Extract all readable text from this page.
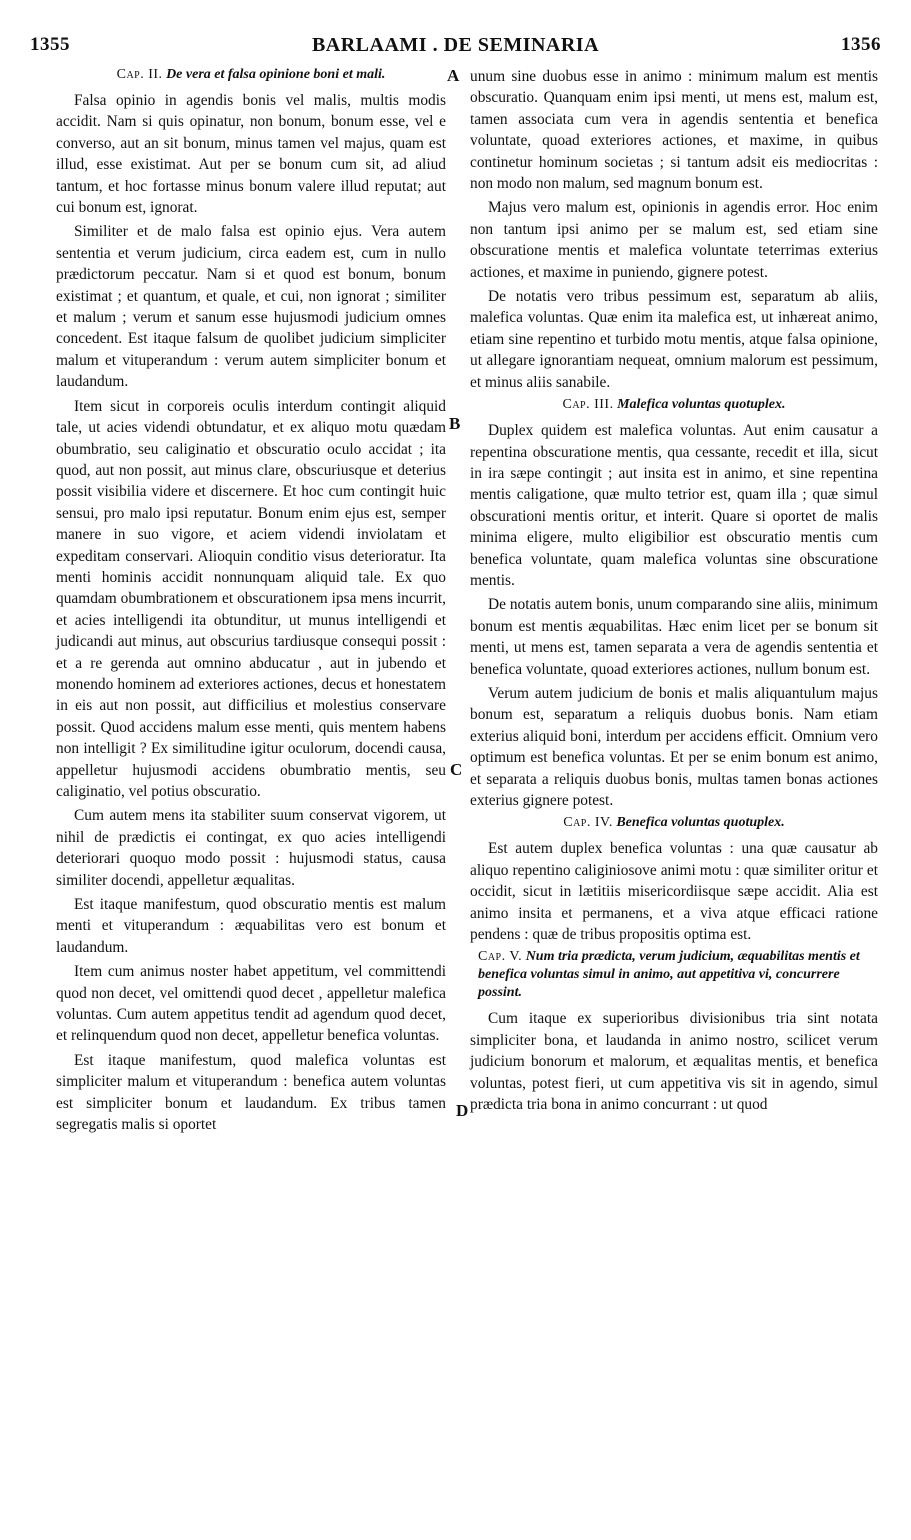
1355	BARLAAMI . DE SEMINARIA	1356
A
B
C
D
Cap. II. De vera et falsa opinione boni et mali.

Falsa opinio in agendis bonis vel malis, multis modis accidit. Nam si quis opinatur, non bonum, bonum esse, vel e converso, aut an sit bonum, minus tamen vel majus, quam est illud, esse existimat. Aut per se bonum cum sit, ad aliud tantum, et hoc fortasse minus bonum valere illud reputat; aut cui bonum est, ignorat.

Similiter et de malo falsa est opinio ejus. Vera autem sententia et verum judicium, circa eadem est, cum in nullo prædictorum peccatur. Nam si et quod est bonum, bonum existimat ; et quantum, et quale, et cui, non ignorat ; similiter et malum ; verum et sanum esse hujusmodi judicium omnes concedent. Est itaque falsum de quolibet judicium simpliciter malum et vituperandum : verum autem simpliciter bonum et laudandum.

Item sicut in corporeis oculis interdum contingit aliquid tale, ut acies videndi obtundatur, et ex aliquo motu quædam obumbratio, seu caliginatio et obscuratio oculo accidat ; ita quod, aut non possit, aut minus clare, obscuriusque et deterius possit visibilia videre et discernere. Et hoc cum contingit huic sensui, pro malo ipsi reputatur. Bonum enim ejus est, semper manere in suo vigore, et aciem videndi inviolatam et expeditam conservari. Alioquin conditio visus deterioratur. Ita menti hominis accidit nonnunquam aliquid tale. Ex quo quamdam obumbrationem et obscurationem ipsa mens incurrit, et acies intelligendi ita obtunditur, ut munus intelligendi et judicandi aut minus, aut obscurius tardiusque consequi possit : et a re gerenda aut omnino abducatur , aut in jubendo et monendo hominem ad exteriores actiones, decus et honestatem in eis aut non possit, aut difficilius et molestius conservare possit. Quod accidens malum esse menti, quis mentem habens non intelligit ? Ex similitudine igitur oculorum, docendi causa, appelletur hujusmodi accidens obumbratio mentis, seu caliginatio, vel potius obscuratio.

Cum autem mens ita stabiliter suum conservat vigorem, ut nihil de prædictis ei contingat, ex quo acies intelligendi deteriorari quoquo modo possit : hujusmodi status, causa similiter docendi, appelletur æqualitas.

Est itaque manifestum, quod obscuratio mentis est malum menti et vituperandum : æquabilitas vero est bonum et laudandum.

Item cum animus noster habet appetitum, vel committendi quod non decet, vel omittendi quod decet , appelletur malefica voluntas. Cum autem appetitus tendit ad agendum quod decet, et relinquendum quod non decet, appelletur benefica voluntas.

Est itaque manifestum, quod malefica voluntas est simpliciter malum et vituperandum : benefica autem voluntas est simpliciter bonum et laudandum. Ex tribus tamen segregatis malis si oportet

unum sine duobus esse in animo : minimum malum est mentis obscuratio. Quanquam enim ipsi menti, ut mens est, malum est, tamen associata cum vera in agendis sententia et benefica voluntate, quoad exteriores actiones, et maxime, in quibus continetur hominum societas ; si tantum adsit eis mediocritas : non modo non malum, sed magnum bonum est.

Majus vero malum est, opinionis in agendis error. Hoc enim non tantum ipsi animo per se malum est, sed etiam sine obscuratione mentis et malefica voluntate teterrimas exterius actiones, et maxime in puniendo, gignere potest.

De notatis vero tribus pessimum est, separatum ab aliis, malefica voluntas. Quæ enim ita malefica est, ut inhæreat animo, etiam sine repentino et turbido motu mentis, atque falsa opinione, ut allegare ignorantiam nequeat, omnium malorum est pessimum, et minus aliis sanabile.

Cap. III. Malefica voluntas quotuplex.

Duplex quidem est malefica voluntas. Aut enim causatur a repentina obscuratione mentis, qua cessante, recedit et illa, sicut in ira sæpe contingit ; aut insita est in animo, et sine repentina mentis caligatione, quæ multo tetrior est, quam illa ; quæ simul obscurationi mentis oritur, et interit. Quare si oportet de malis minima eligere, multo eligibilior est obscuratio mentis cum benefica voluntate, quam malefica voluntas sine obscuratione mentis.

De notatis autem bonis, unum comparando sine aliis, minimum bonum est mentis æquabilitas. Hæc enim licet per se bonum sit menti, ut mens est, tamen separata a vera de agendis sententia et benefica voluntate, quoad exteriores actiones, nullum bonum est.

Verum autem judicium de bonis et malis aliquantulum majus bonum est, separatum a reliquis duobus bonis. Nam etiam exterius aliquid boni, interdum per accidens efficit. Omnium vero optimum est benefica voluntas. Et per se enim bonum est animo, et separata a reliquis duobus bonis, multas tamen bonas actiones exterius gignere potest.

Cap. IV. Benefica voluntas quotuplex.

Est autem duplex benefica voluntas : una quæ causatur ab aliquo repentino caliginiosove animi motu : quæ similiter oritur et occidit, sicut in lætitiis misericordiisque sæpe accidit. Alia est animo insita et permanens, et a viva atque efficaci ratione pendens : quæ de tribus propositis optima est.

Cap. V. Num tria prædicta, verum judicium, æquabilitas mentis et benefica voluntas simul in animo, aut appetitiva vi, concurrere possint.

Cum itaque ex superioribus divisionibus tria sint notata simpliciter bona, et laudanda in animo nostro, scilicet verum judicium bonorum et malorum, et æqualitas mentis, et benefica voluntas, potest fieri, ut cum appetitiva vis sit in agendo, simul prædicta tria bona in animo concurrant : ut quod
